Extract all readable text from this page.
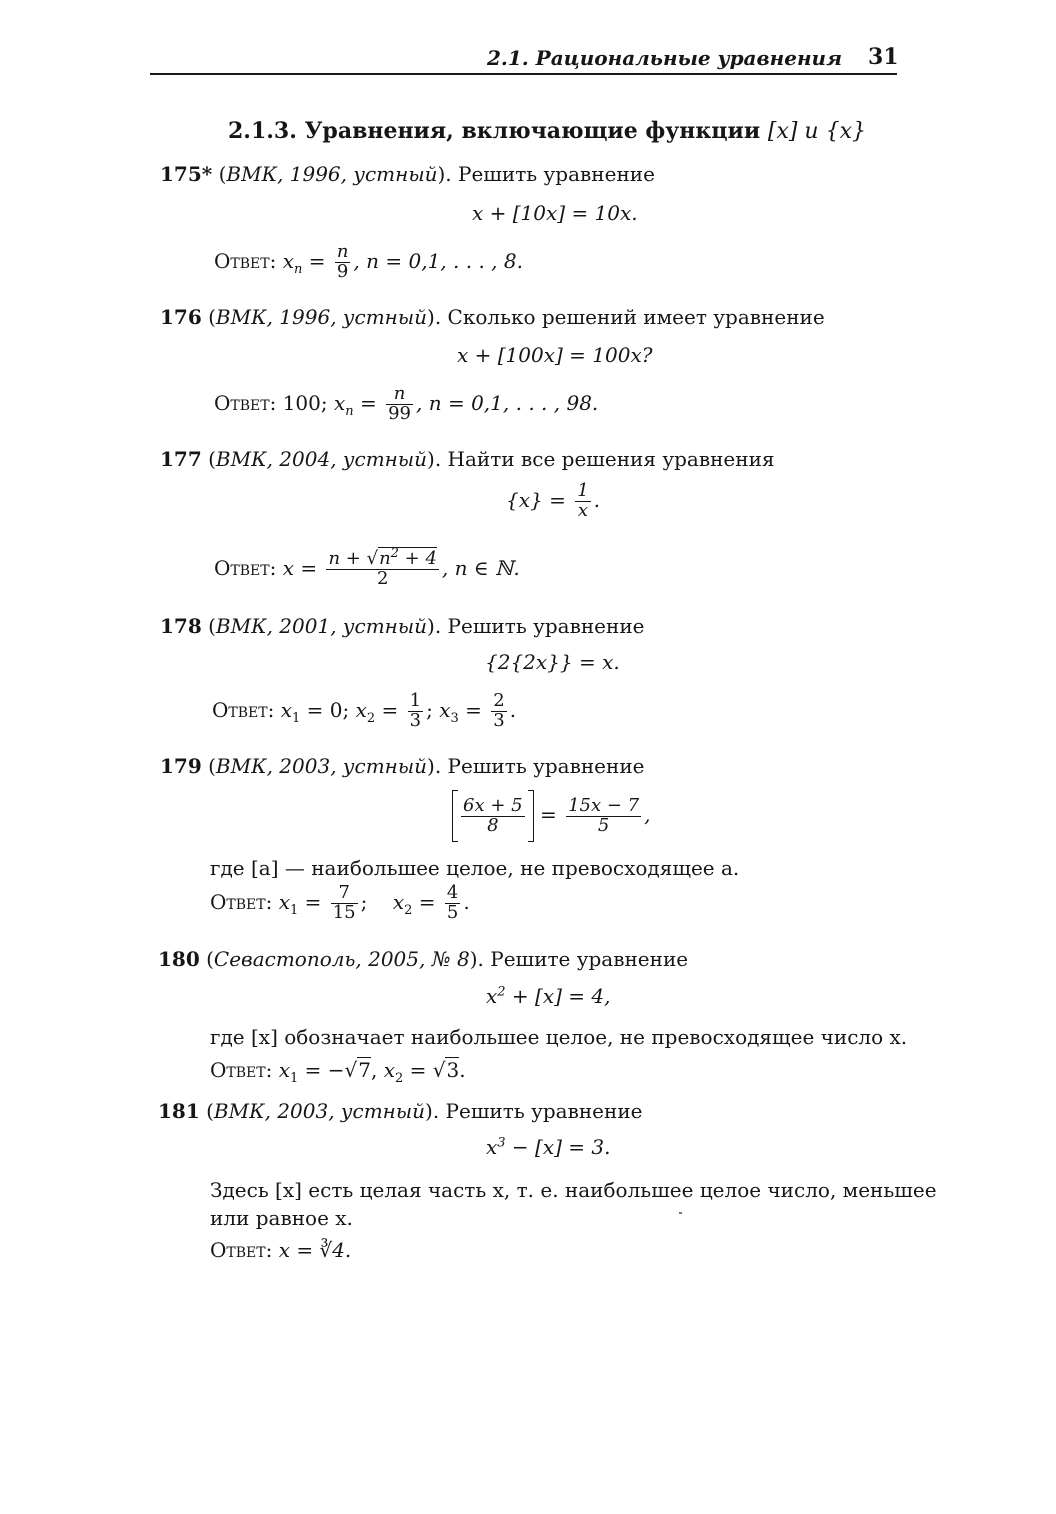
2.1. Рациональные уравнения 31
2.1.3. Уравнения, включающие функции [x] и {x}
175* (ВМК, 1996, устный). Решить уравнение
x + [10x] = 10x.
Ответ: $x_n = \frac{n}{9}$ , n = 0,1, . . . , 8.
176 (ВМК, 1996, устный). Сколько решений имеет уравнение
x + [100x] = 100x?
Ответ: 100; $x_n = \frac{n}{99}$ , n = 0,1, . . . , 98.
177 (ВМК, 2004, устный). Найти все решения уравнения
$\{x\} = \frac{1}{x}$ .
Ответ: $x = \frac{n + √n^2 + 4}{2}$ , n ∈ ℕ.
178 (ВМК, 2001, устный). Решить уравнение
{2{2x}} = x.
Ответ: $x_1 = 0$; $x_2 = \frac{1}{3}$ ; $x_3 = \frac{2}{3}$ .
179 (ВМК, 2003, устный). Решить уравнение
$\frac{6x + 5}{8} = \frac{15x - 7}{5}$ ,
где [a] — наибольшее целое, не превосходящее a.
Ответ: $x_1 = \frac{7}{15}$ ;    $x_2 = \frac{4}{5}$ .
180 (Севастополь, 2005, № 8). Решите уравнение
$x^2 + [x] = 4$,
где [x] обозначает наибольшее целое, не превосходящее число x.
Ответ: $x_1 = -√7$, $x_2 = √3$.
181 (ВМК, 2003, устный). Решить уравнение
$x^3 - [x] = 3$.
Здесь [x] есть целая часть x, т. е. наибольшее целое число, меньшее
или равное x.
Ответ: x = ∛4.
